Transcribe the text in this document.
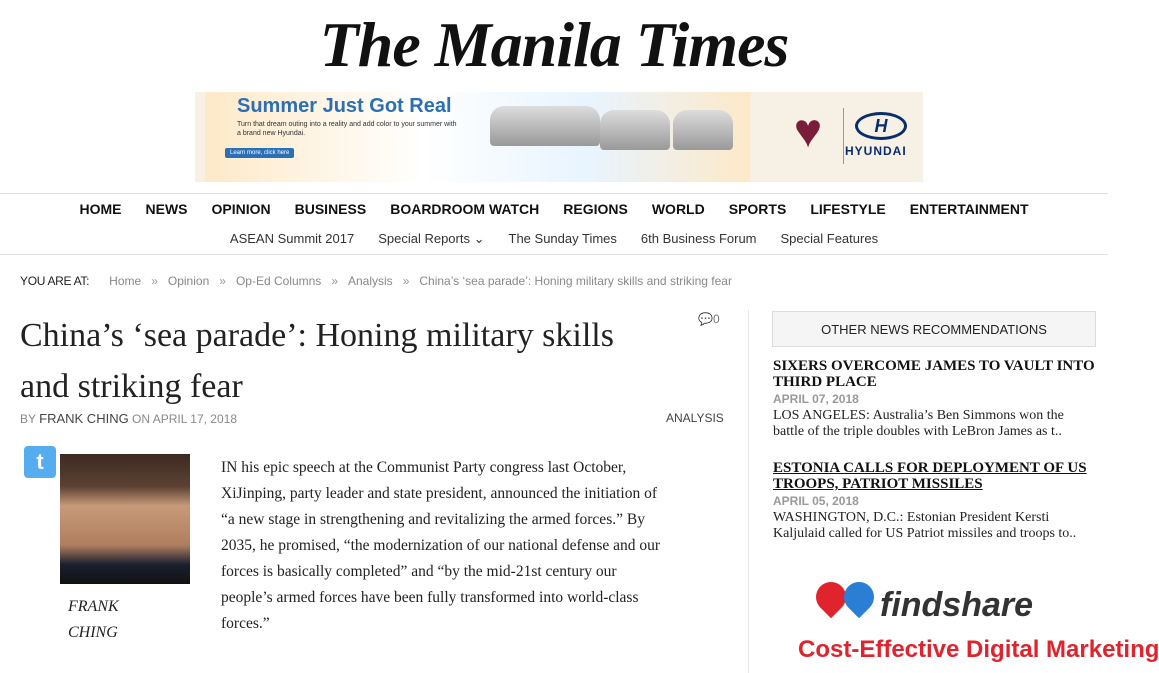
The Manila Times
Summer Just Got Real
Turn that dream outing into a reality and add color to your summer with a brand new Hyundai.
Learn more, click here	♥	H
HYUNDAI
HOME	NEWS	OPINION	BUSINESS	BOARDROOM WATCH	REGIONS	WORLD	SPORTS	LIFESTYLE	ENTERTAINMENT
ASEAN Summit 2017	Special Reports ⌄	The Sunday Times	6th Business Forum	Special Features
YOU ARE AT: Home » Opinion » Op-Ed Columns » Analysis » China’s ‘sea parade’: Honing military skills and striking fear
China’s ‘sea parade’: Honing military skills and striking fear
💬0
BY FRANK CHING ON APRIL 17, 2018	ANALYSIS
t
FRANK CHING
IN his epic speech at the Communist Party congress last October, XiJinping, party leader and state president, announced the initiation of “a new stage in strengthening and revitalizing the armed forces.” By 2035, he promised, “the modernization of our national defense and our forces is basically completed” and “by the mid-21st century our people’s armed forces have been fully transformed into world-class forces.”
OTHER NEWS RECOMMENDATIONS
SIXERS OVERCOME JAMES TO VAULT INTO THIRD PLACE
APRIL 07, 2018
LOS ANGELES: Australia’s Ben Simmons won the battle of the triple doubles with LeBron James as t..
ESTONIA CALLS FOR DEPLOYMENT OF US TROOPS, PATRIOT MISSILES
APRIL 05, 2018
WASHINGTON, D.C.: Estonian President Kersti Kaljulaid called for US Patriot missiles and troops to..
findshare
Cost-Effective Digital Marketing
